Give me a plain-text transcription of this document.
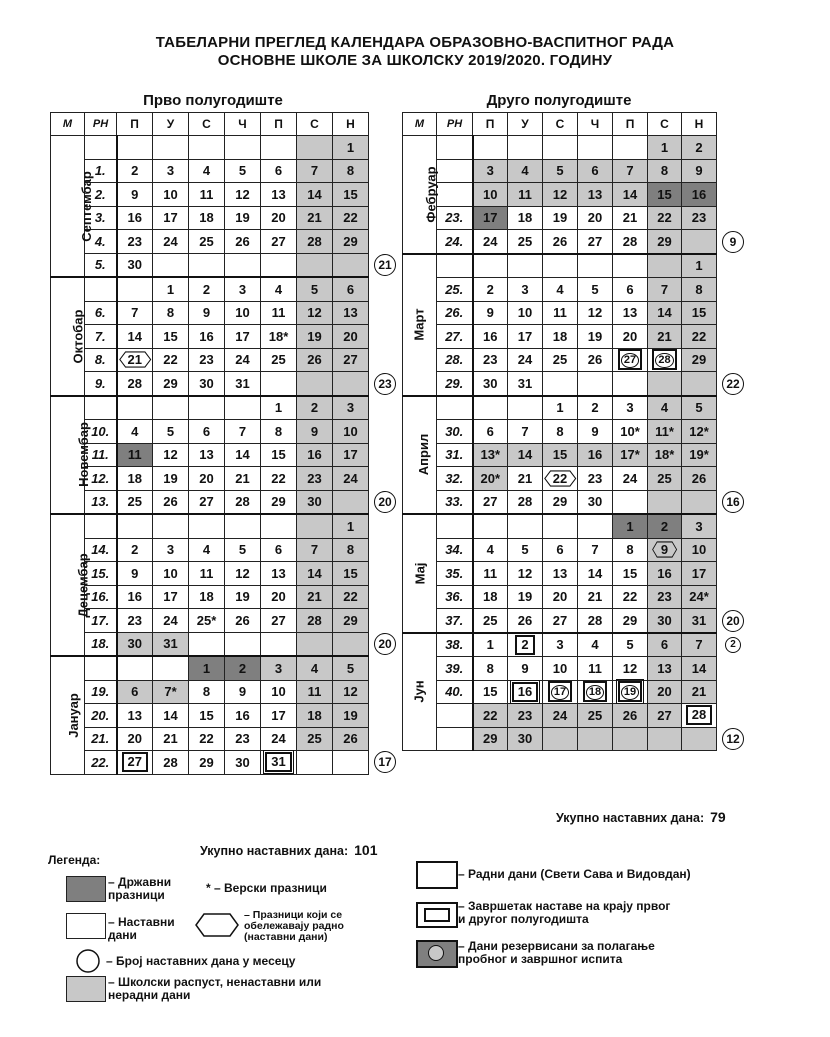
ТАБЕЛАРНИ ПРЕГЛЕД КАЛЕНДАРА ОБРАЗОВНО-ВАСПИТНОГ РАДА
ОСНОВНЕ ШКОЛЕ ЗА ШКОЛСКУ 2019/2020. ГОДИНУ
Прво полугодиште	Друго полугодиште
М	РН	П	У	С	Ч	П	С	Н
Септембар								1
	1.	2	3	4	5	6	7	8
	2.	9	10	11	12	13	14	15
	3.	16	17	18	19	20	21	22
	4.	23	24	25	26	27	28	29
	5.	30						
Октобар			1	2	3	4	5	6
	6.	7	8	9	10	11	12	13
	7.	14	15	16	17	18*	19	20
	8.	21	22	23	24	25	26	27
	9.	28	29	30	31			
Новембар						1	2	3
	10.	4	5	6	7	8	9	10
	11.	11	12	13	14	15	16	17
	12.	18	19	20	21	22	23	24
	13.	25	26	27	28	29	30	
Децембар								1
	14.	2	3	4	5	6	7	8
	15.	9	10	11	12	13	14	15
	16.	16	17	18	19	20	21	22
	17.	23	24	25*	26	27	28	29
	18.	30	31					
Јануар				1	2	3	4	5
	19.	6	7*	8	9	10	11	12
	20.	13	14	15	16	17	18	19
	21.	20	21	22	23	24	25	26
	22.	27	28	29	30	31		
М	РН	П	У	С	Ч	П	С	Н
Фебруар							1	2
		3	4	5	6	7	8	9
		10	11	12	13	14	15	16
	23.	17	18	19	20	21	22	23
	24.	24	25	26	27	28	29	
Март								1
	25.	2	3	4	5	6	7	8
	26.	9	10	11	12	13	14	15
	27.	16	17	18	19	20	21	22
	28.	23	24	25	26	27	28	29
	29.	30	31					
Април				1	2	3	4	5
	30.	6	7	8	9	10*	11*	12*
	31.	13*	14	15	16	17*	18*	19*
	32.	20*	21	22	23	24	25	26
	33.	27	28	29	30			
Мај						1	2	3
	34.	4	5	6	7	8	9	10
	35.	11	12	13	14	15	16	17
	36.	18	19	20	21	22	23	24*
	37.	25	26	27	28	29	30	31
Јун	38.	1	2	3	4	5	6	7
	39.	8	9	10	11	12	13	14
	40.	15	16	17	18	19	20	21
		22	23	24	25	26	27	28
		29	30					
21
23
20
20
17
9
22
16
20
12
2
Укупно наставних дана: 101
Укупно наставних дана: 79
Легенда:
– Државни празници	* – Верски празници
– Наставни дани
– Празници који се обележавају радно (наставни дани)
– Број наставних дана у месецу
– Школски распуст, ненаставни или нерадни дани
– Радни дани (Свети Сава и Видовдан)
– Завршетак наставе на крају првог и другог полугодишта
– Дани резервисани за полагање пробног и завршног испита
